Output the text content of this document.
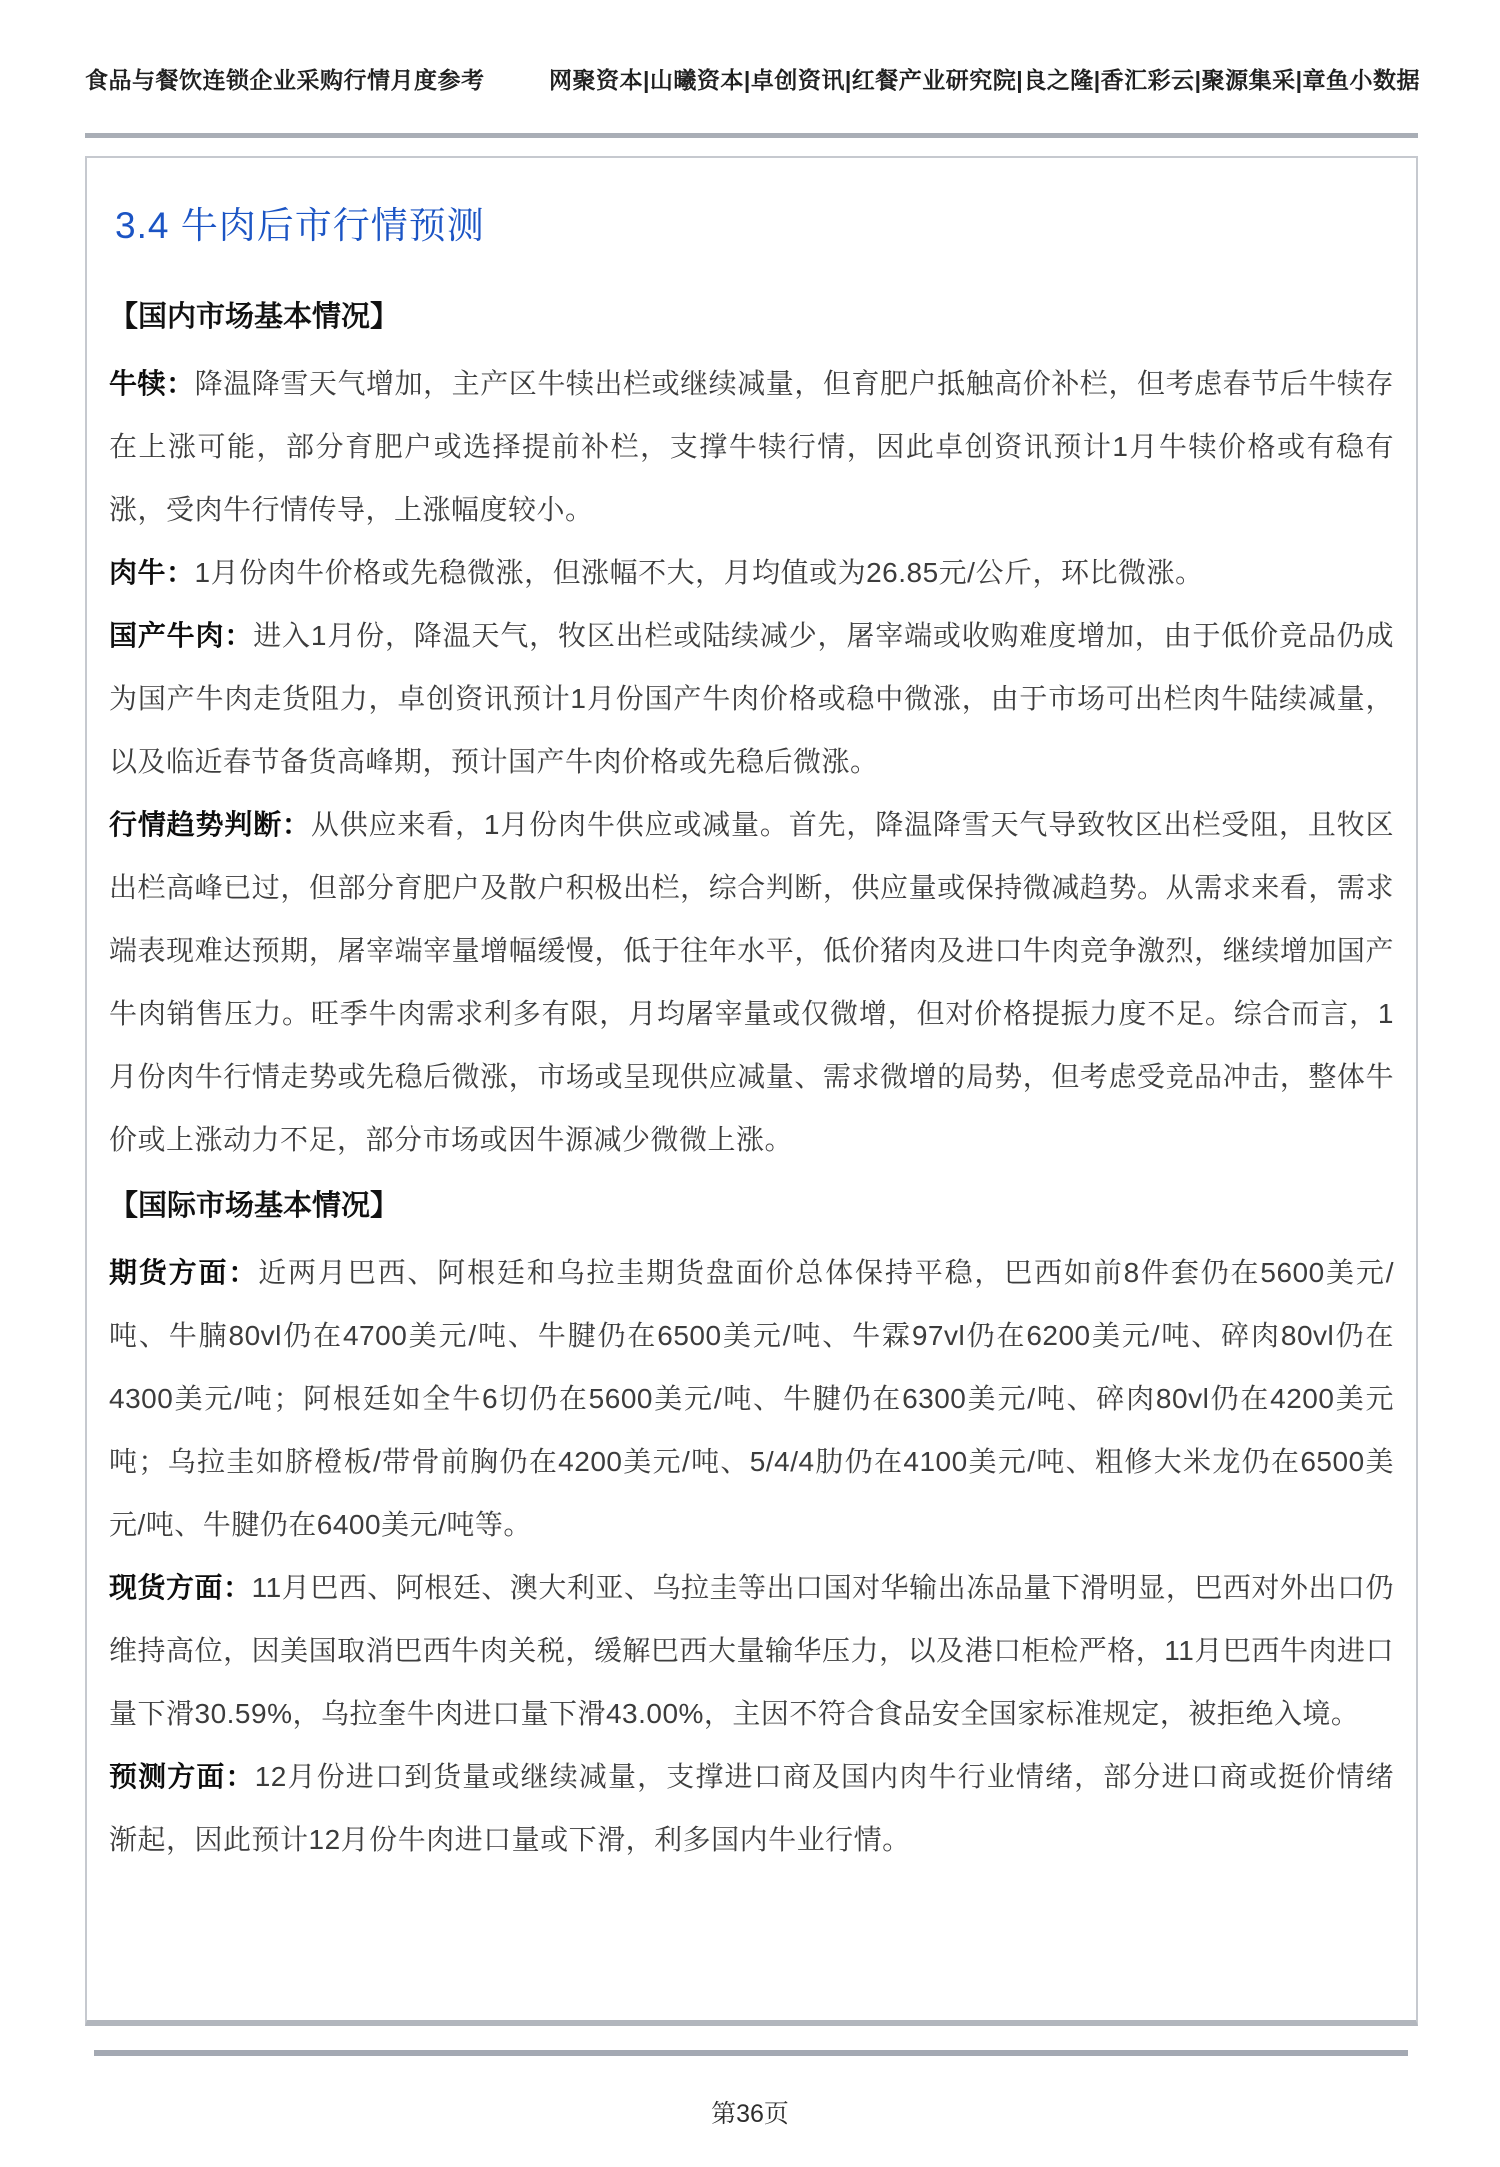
食品与餐饮连锁企业采购行情月度参考	网聚资本|山曦资本|卓创资讯|红餐产业研究院|良之隆|香汇彩云|聚源集采|章鱼小数据
3.4 牛肉后市行情预测
【国内市场基本情况】

牛犊：降温降雪天气增加，主产区牛犊出栏或继续减量，但育肥户抵触高价补栏，但考虑春节后牛犊存在上涨可能，部分育肥户或选择提前补栏，支撑牛犊行情，因此卓创资讯预计1月牛犊价格或有稳有涨，受肉牛行情传导，上涨幅度较小。

肉牛：1月份肉牛价格或先稳微涨，但涨幅不大，月均值或为26.85元/公斤，环比微涨。

国产牛肉：进入1月份，降温天气，牧区出栏或陆续减少，屠宰端或收购难度增加，由于低价竞品仍成为国产牛肉走货阻力，卓创资讯预计1月份国产牛肉价格或稳中微涨，由于市场可出栏肉牛陆续减量，以及临近春节备货高峰期，预计国产牛肉价格或先稳后微涨。

行情趋势判断：从供应来看，1月份肉牛供应或减量。首先，降温降雪天气导致牧区出栏受阻，且牧区出栏高峰已过，但部分育肥户及散户积极出栏，综合判断，供应量或保持微减趋势。从需求来看，需求端表现难达预期，屠宰端宰量增幅缓慢，低于往年水平，低价猪肉及进口牛肉竞争激烈，继续增加国产牛肉销售压力。旺季牛肉需求利多有限，月均屠宰量或仅微增，但对价格提振力度不足。综合而言，1月份肉牛行情走势或先稳后微涨，市场或呈现供应减量、需求微增的局势，但考虑受竞品冲击，整体牛价或上涨动力不足，部分市场或因牛源减少微微上涨。

【国际市场基本情况】

期货方面：近两月巴西、阿根廷和乌拉圭期货盘面价总体保持平稳，巴西如前8件套仍在5600美元/吨、牛腩80vl仍在4700美元/吨、牛腱仍在6500美元/吨、牛霖97vl仍在6200美元/吨、碎肉80vl仍在4300美元/吨；阿根廷如全牛6切仍在5600美元/吨、牛腱仍在6300美元/吨、碎肉80vl仍在4200美元吨；乌拉圭如脐橙板/带骨前胸仍在4200美元/吨、5/4/4肋仍在4100美元/吨、粗修大米龙仍在6500美元/吨、牛腱仍在6400美元/吨等。

现货方面：11月巴西、阿根廷、澳大利亚、乌拉圭等出口国对华输出冻品量下滑明显，巴西对外出口仍维持高位，因美国取消巴西牛肉关税，缓解巴西大量输华压力，以及港口柜检严格，11月巴西牛肉进口量下滑30.59%，乌拉奎牛肉进口量下滑43.00%，主因不符合食品安全国家标准规定，被拒绝入境。

预测方面：12月份进口到货量或继续减量，支撑进口商及国内肉牛行业情绪，部分进口商或挺价情绪渐起，因此预计12月份牛肉进口量或下滑，利多国内牛业行情。

第36页
